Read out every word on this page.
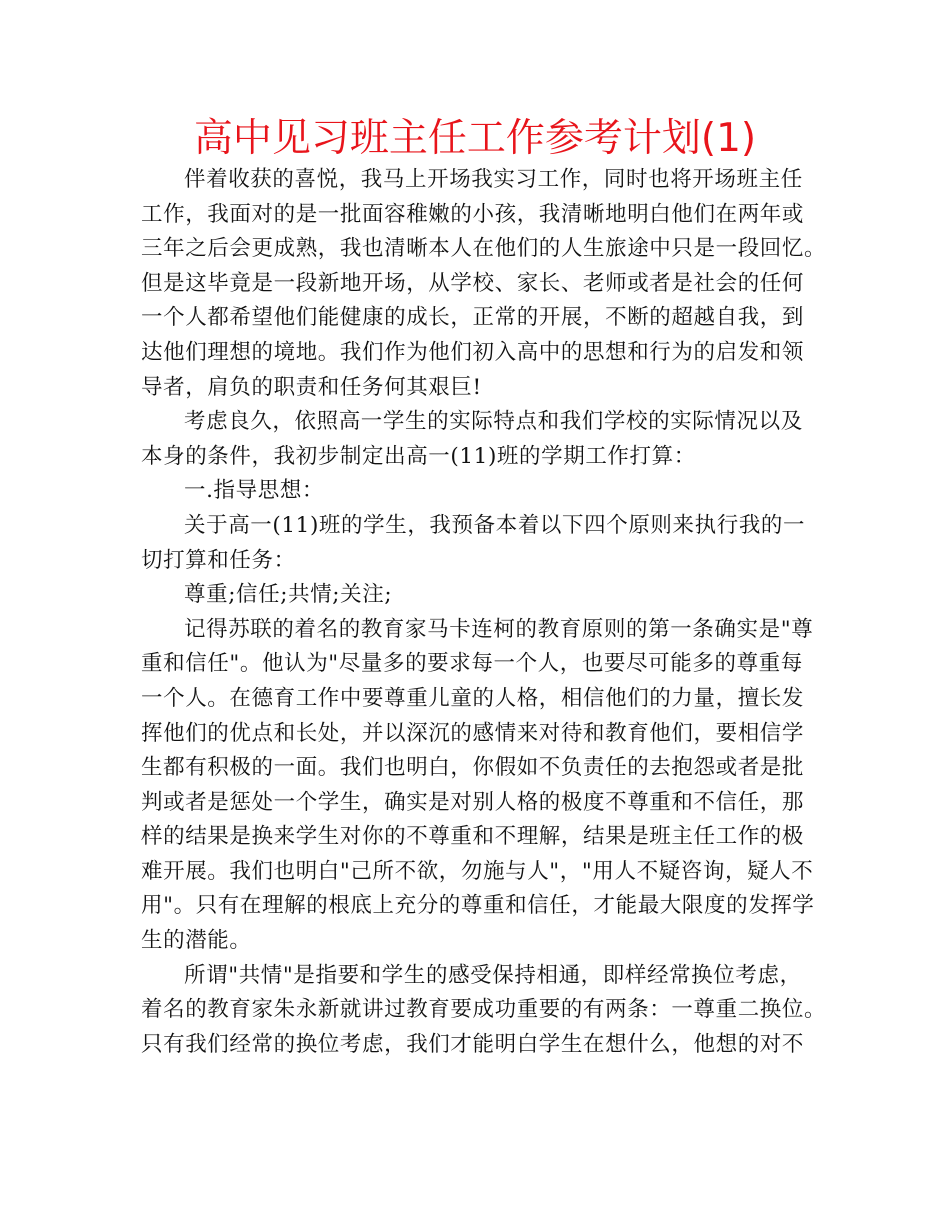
高中见习班主任工作参考计划(1)
伴着收获的喜悦，我马上开场我实习工作，同时也将开场班主任
工作，我面对的是一批面容稚嫩的小孩，我清晰地明白他们在两年或
三年之后会更成熟，我也清晰本人在他们的人生旅途中只是一段回忆。
但是这毕竟是一段新地开场，从学校、家长、老师或者是社会的任何
一个人都希望他们能健康的成长，正常的开展，不断的超越自我，到
达他们理想的境地。我们作为他们初入高中的思想和行为的启发和领
导者，肩负的职责和任务何其艰巨!
考虑良久，依照高一学生的实际特点和我们学校的实际情况以及
本身的条件，我初步制定出高一(11)班的学期工作打算：
一.指导思想：
关于高一(11)班的学生，我预备本着以下四个原则来执行我的一
切打算和任务：
尊重;信任;共情;关注;
记得苏联的着名的教育家马卡连柯的教育原则的第一条确实是"尊
重和信任"。他认为"尽量多的要求每一个人，也要尽可能多的尊重每
一个人。在德育工作中要尊重儿童的人格，相信他们的力量，擅长发
挥他们的优点和长处，并以深沉的感情来对待和教育他们，要相信学
生都有积极的一面。我们也明白，你假如不负责任的去抱怨或者是批
判或者是惩处一个学生，确实是对别人格的极度不尊重和不信任，那
样的结果是换来学生对你的不尊重和不理解，结果是班主任工作的极
难开展。我们也明白"己所不欲，勿施与人"，"用人不疑咨询，疑人不
用"。只有在理解的根底上充分的尊重和信任，才能最大限度的发挥学
生的潜能。
所谓"共情"是指要和学生的感受保持相通，即样经常换位考虑，
着名的教育家朱永新就讲过教育要成功重要的有两条：一尊重二换位。
只有我们经常的换位考虑，我们才能明白学生在想什么，他想的对不
